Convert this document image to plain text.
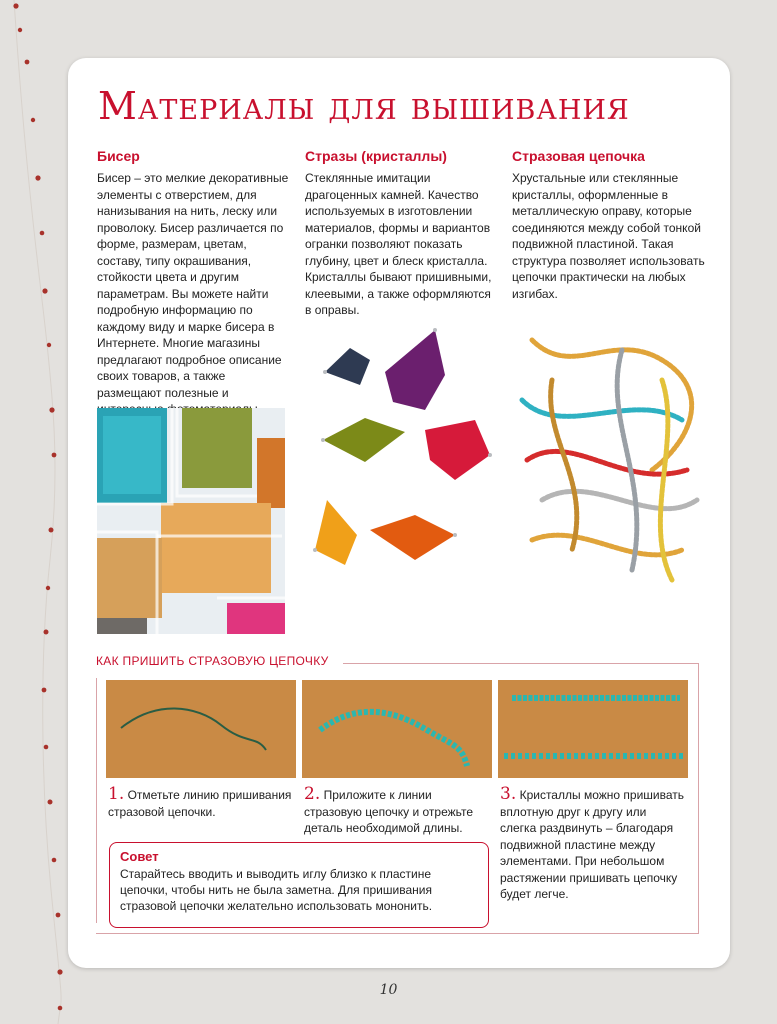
Материалы для вышивания
Бисер

Бисер – это мелкие декоративные элементы с отверстием, для нанизывания на нить, леску или проволоку. Бисер различается по форме, размерам, цветам, составу, типу окрашивания, стойкости цвета и другим параметрам. Вы можете найти подробную информацию по каждому виду и марке бисера в Интернете. Многие магазины предлагают подробное описание своих товаров, а также размещают полезные и

Стразы (кристаллы)

Стеклянные имитации драгоценных камней. Качество используемых в изготовлении материалов, формы и вариантов огранки позволяют показать глубину, цвет и блеск кристалла. Кристаллы бывают пришивными, клеевыми, а также оформляются в оправы.

Стразовая цепочка

Хрустальные или стеклянные кристаллы, оформленные в металлическую оправу, которые соединяются между собой тонкой подвижной пластиной. Такая структура позволяет использовать цепочки практически на любых изгибах.

КАК ПРИШИТЬ СТРАЗОВУЮ ЦЕПОЧКУ
1. Отметьте линию пришивания стразовой цепочки.
2. Приложите к линии стразовую цепочку и отрежьте деталь необходимой длины.
3. Кристаллы можно пришивать вплотную друг к другу или слегка раздвинуть – благодаря подвижной пластине между элементами. При небольшом растяжении пришивать цепочку будет легче.
Совет

Старайтесь вводить и выводить иглу близко к пластине цепочки, чтобы нить не была заметна. Для пришивания стразовой цепочки желательно использовать мононить.

10
